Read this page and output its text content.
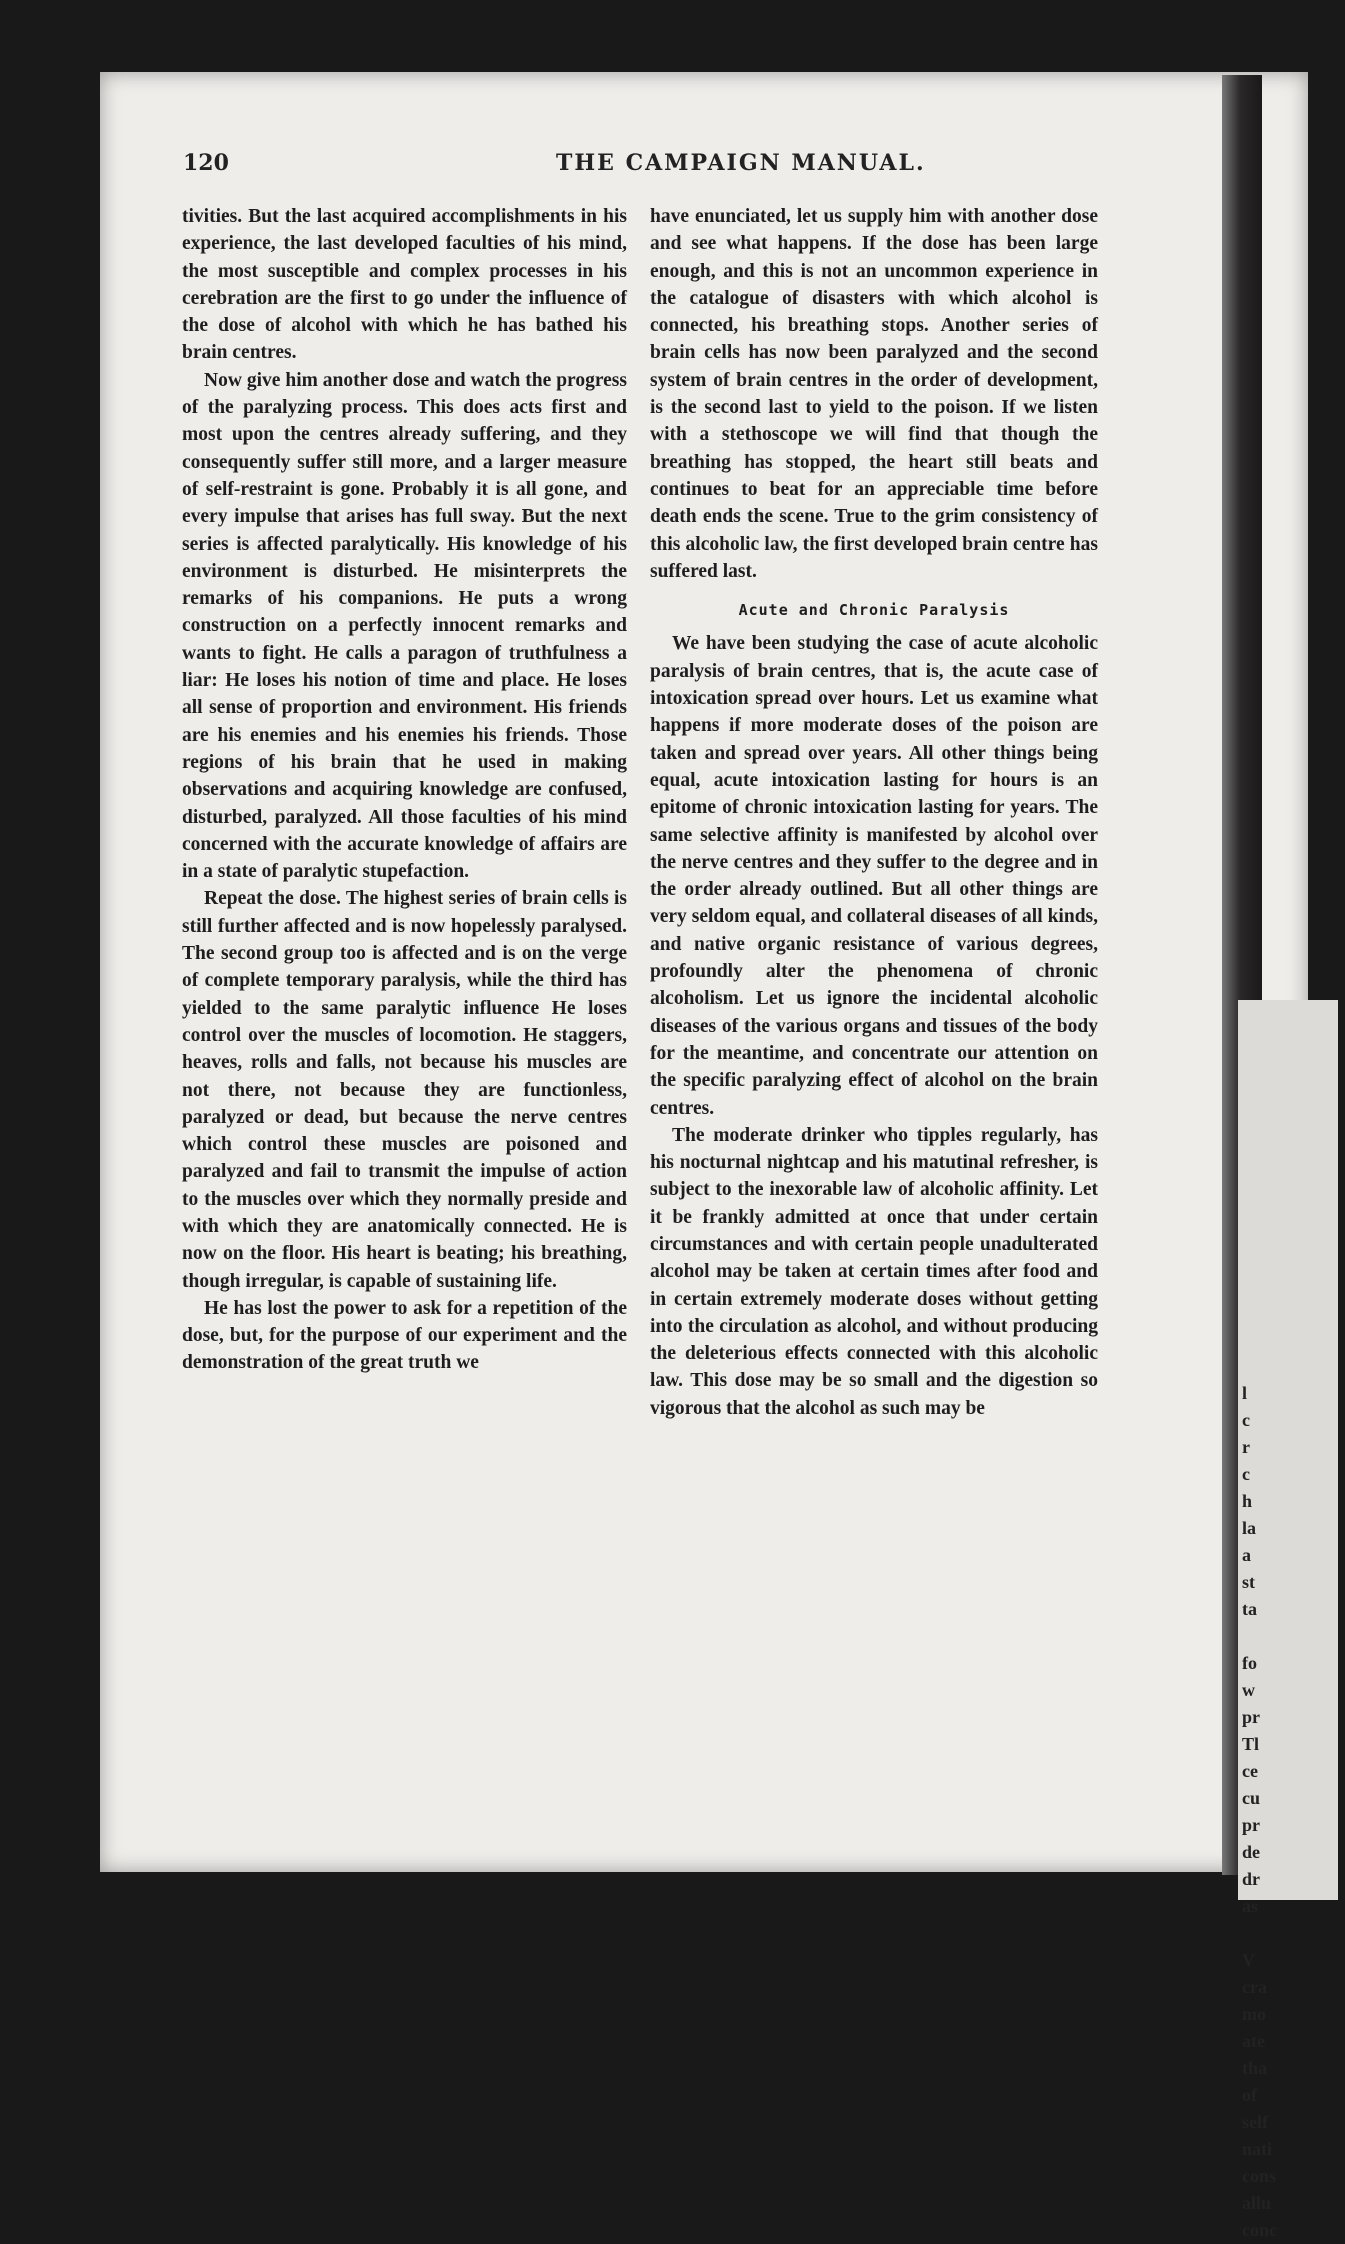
l
c
r
c
h
la
a
st
ta

fo
w
pr
Tl
ce
cu
pr
de
dr
as

V
cra
mo
ate
tha
of
self
nati
cons
allu
conc
120	THE CAMPAIGN MANUAL.

tivities. But the last acquired accomplishments in his experience, the last developed faculties of his mind, the most susceptible and complex processes in his cerebration are the first to go under the influence of the dose of alcohol with which he has bathed his brain centres.

Now give him another dose and watch the progress of the paralyzing process. This does acts first and most upon the centres already suffering, and they consequently suffer still more, and a larger measure of self-restraint is gone. Probably it is all gone, and every impulse that arises has full sway. But the next series is affected paralytically. His knowledge of his environment is disturbed. He misinterprets the remarks of his companions. He puts a wrong construction on a perfectly innocent remarks and wants to fight. He calls a paragon of truthfulness a liar: He loses his notion of time and place. He loses all sense of proportion and environment. His friends are his enemies and his enemies his friends. Those regions of his brain that he used in making observations and acquiring knowledge are confused, disturbed, paralyzed. All those faculties of his mind concerned with the accurate knowledge of affairs are in a state of paralytic stupefaction.

Repeat the dose. The highest series of brain cells is still further affected and is now hopelessly paralysed. The second group too is affected and is on the verge of complete temporary paralysis, while the third has yielded to the same paralytic influence He loses control over the muscles of locomotion. He staggers, heaves, rolls and falls, not because his muscles are not there, not because they are functionless, paralyzed or dead, but because the nerve centres which control these muscles are poisoned and paralyzed and fail to transmit the impulse of action to the muscles over which they normally preside and with which they are anatomically connected. He is now on the floor. His heart is beating; his breathing, though irregular, is capable of sustaining life.

He has lost the power to ask for a repetition of the dose, but, for the purpose of our experiment and the demonstration of the great truth we

have enunciated, let us supply him with another dose and see what happens. If the dose has been large enough, and this is not an uncommon experience in the catalogue of disasters with which alcohol is connected, his breathing stops. Another series of brain cells has now been paralyzed and the second system of brain centres in the order of development, is the second last to yield to the poison. If we listen with a stethoscope we will find that though the breathing has stopped, the heart still beats and continues to beat for an appreciable time before death ends the scene. True to the grim consistency of this alcoholic law, the first developed brain centre has suffered last.

Acute and Chronic Paralysis

We have been studying the case of acute alcoholic paralysis of brain centres, that is, the acute case of intoxication spread over hours. Let us examine what happens if more moderate doses of the poison are taken and spread over years. All other things being equal, acute intoxication lasting for hours is an epitome of chronic intoxication lasting for years. The same selective affinity is manifested by alcohol over the nerve centres and they suffer to the degree and in the order already outlined. But all other things are very seldom equal, and collateral diseases of all kinds, and native organic resistance of various degrees, profoundly alter the phenomena of chronic alcoholism. Let us ignore the incidental alcoholic diseases of the various organs and tissues of the body for the meantime, and concentrate our attention on the specific paralyzing effect of alcohol on the brain centres.

The moderate drinker who tipples regularly, has his nocturnal nightcap and his matutinal refresher, is subject to the inexorable law of alcoholic affinity. Let it be frankly admitted at once that under certain circumstances and with certain people unadulterated alcohol may be taken at certain times after food and in certain extremely moderate doses without getting into the circulation as alcohol, and without producing the deleterious effects connected with this alcoholic law. This dose may be so small and the digestion so vigorous that the alcohol as such may be
